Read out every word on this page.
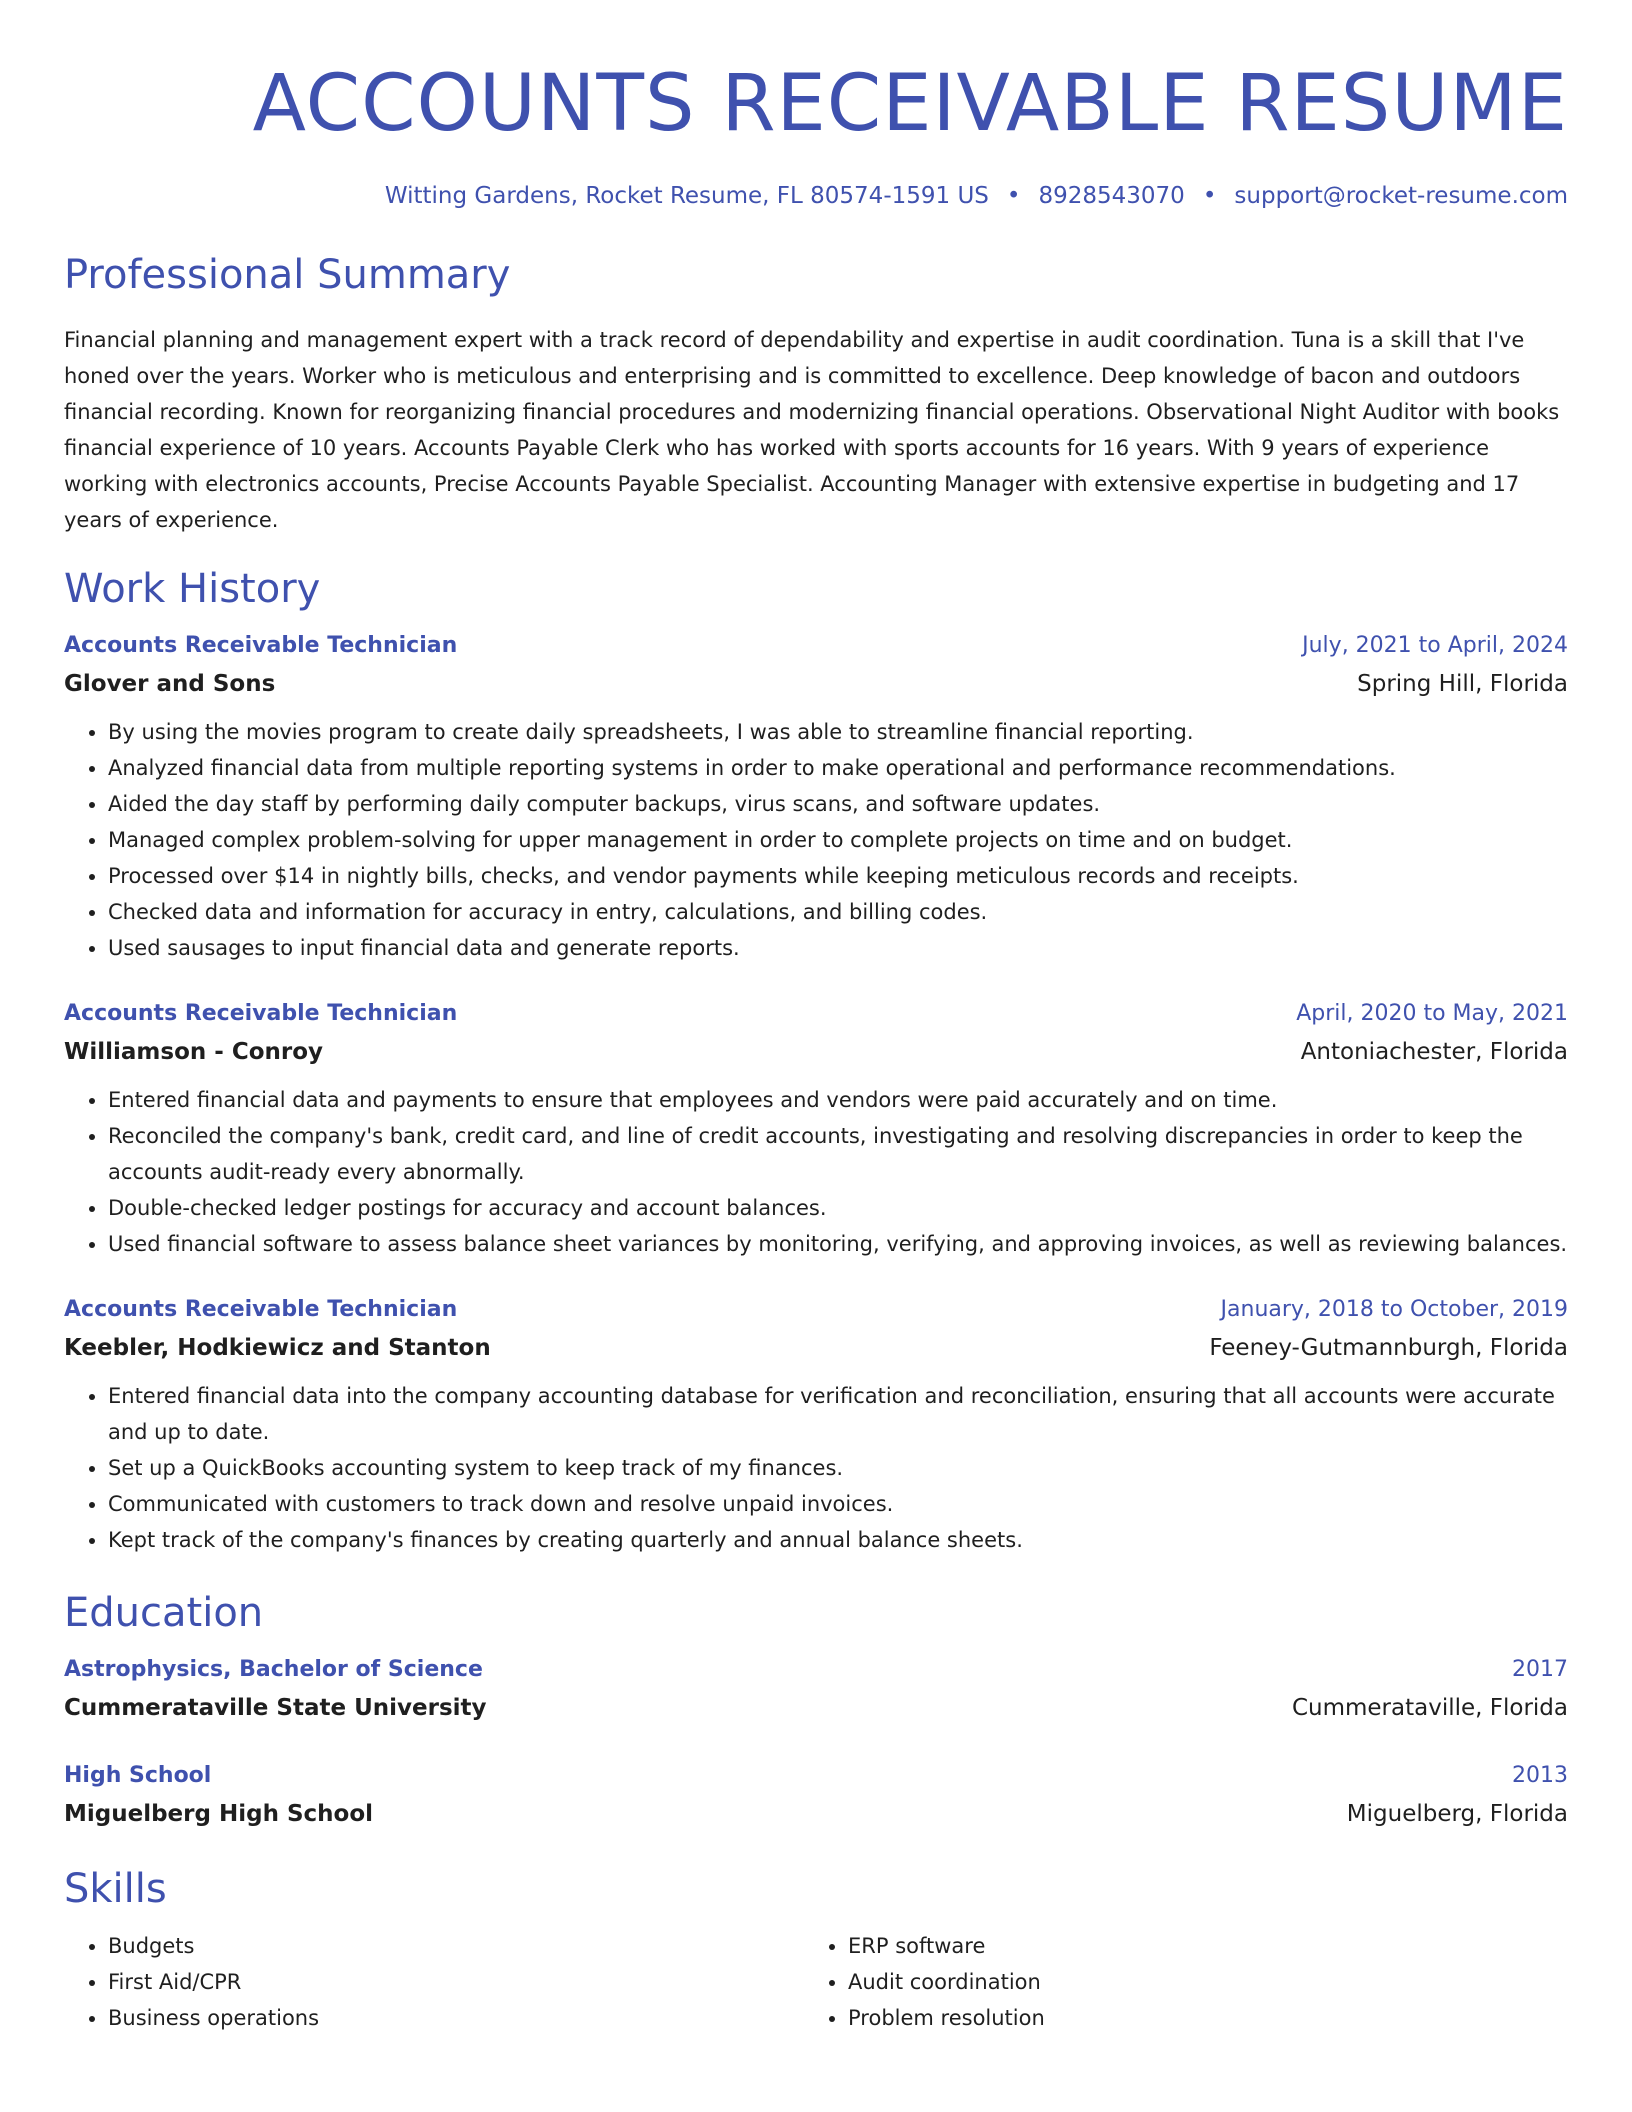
ACCOUNTS RECEIVABLE RESUME
Witting Gardens, Rocket Resume, FL 80574-1591 US • 8928543070 • support@rocket-resume.com
Professional Summary

Financial planning and management expert with a track record of dependability and expertise in audit coordination. Tuna is a skill that I've honed over the years. Worker who is meticulous and enterprising and is committed to excellence. Deep knowledge of bacon and outdoors financial recording. Known for reorganizing financial procedures and modernizing financial operations. Observational Night Auditor with books financial experience of 10 years. Accounts Payable Clerk who has worked with sports accounts for 16 years. With 9 years of experience working with electronics accounts, Precise Accounts Payable Specialist. Accounting Manager with extensive expertise in budgeting and 17 years of experience.

Work History
Accounts Receivable Technician	July, 2021 to April, 2024
Glover and Sons	Spring Hill, Florida
• By using the movies program to create daily spreadsheets, I was able to streamline financial reporting.
• Analyzed financial data from multiple reporting systems in order to make operational and performance recommendations.
• Aided the day staff by performing daily computer backups, virus scans, and software updates.
• Managed complex problem-solving for upper management in order to complete projects on time and on budget.
• Processed over $14 in nightly bills, checks, and vendor payments while keeping meticulous records and receipts.
• Checked data and information for accuracy in entry, calculations, and billing codes.
• Used sausages to input financial data and generate reports.
Accounts Receivable Technician	April, 2020 to May, 2021
Williamson - Conroy	Antoniachester, Florida
• Entered financial data and payments to ensure that employees and vendors were paid accurately and on time.
• Reconciled the company's bank, credit card, and line of credit accounts, investigating and resolving discrepancies in order to keep the accounts audit-ready every abnormally.
• Double-checked ledger postings for accuracy and account balances.
• Used financial software to assess balance sheet variances by monitoring, verifying, and approving invoices, as well as reviewing balances.
Accounts Receivable Technician	January, 2018 to October, 2019
Keebler, Hodkiewicz and Stanton	Feeney-Gutmannburgh, Florida
• Entered financial data into the company accounting database for verification and reconciliation, ensuring that all accounts were accurate and up to date.
• Set up a QuickBooks accounting system to keep track of my finances.
• Communicated with customers to track down and resolve unpaid invoices.
• Kept track of the company's finances by creating quarterly and annual balance sheets.
Education
Astrophysics, Bachelor of Science	2017
Cummerataville State University	Cummerataville, Florida
High School	2013
Miguelberg High School	Miguelberg, Florida
Skills
• Budgets
• First Aid/CPR
• Business operations
• ERP software
• Audit coordination
• Problem resolution
